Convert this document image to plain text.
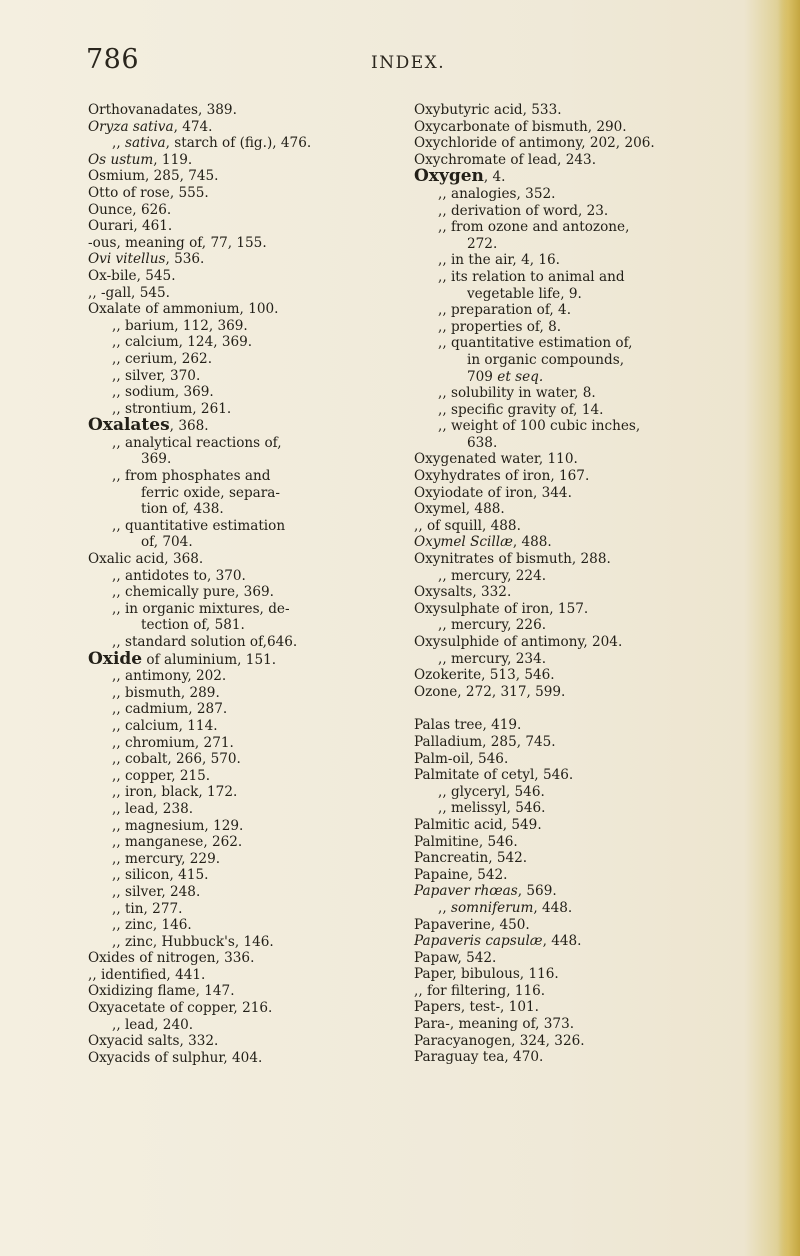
786	INDEX.
Orthovanadates, 389.
Oryza sativa, 474.
,, sativa, starch of (fig.), 476.
Os ustum, 119.
Osmium, 285, 745.
Otto of rose, 555.
Ounce, 626.
Ourari, 461.
-ous, meaning of, 77, 155.
Ovi vitellus, 536.
Ox-bile, 545.
,, -gall, 545.
Oxalate of ammonium, 100.
,, barium, 112, 369.
,, calcium, 124, 369.
,, cerium, 262.
,, silver, 370.
,, sodium, 369.
,, strontium, 261.
Oxalates, 368.
,, analytical reactions of,
369.
,, from phosphates and
ferric oxide, separa-
tion of, 438.
,, quantitative estimation
of, 704.
Oxalic acid, 368.
,, antidotes to, 370.
,, chemically pure, 369.
,, in organic mixtures, de-
tection of, 581.
,, standard solution of,646.
Oxide of aluminium, 151.
,, antimony, 202.
,, bismuth, 289.
,, cadmium, 287.
,, calcium, 114.
,, chromium, 271.
,, cobalt, 266, 570.
,, copper, 215.
,, iron, black, 172.
,, lead, 238.
,, magnesium, 129.
,, manganese, 262.
,, mercury, 229.
,, silicon, 415.
,, silver, 248.
,, tin, 277.
,, zinc, 146.
,, zinc, Hubbuck's, 146.
Oxides of nitrogen, 336.
,, identified, 441.
Oxidizing flame, 147.
Oxyacetate of copper, 216.
,, lead, 240.
Oxyacid salts, 332.
Oxyacids of sulphur, 404.
Oxybutyric acid, 533.
Oxycarbonate of bismuth, 290.
Oxychloride of antimony, 202, 206.
Oxychromate of lead, 243.
Oxygen, 4.
,, analogies, 352.
,, derivation of word, 23.
,, from ozone and antozone,
272.
,, in the air, 4, 16.
,, its relation to animal and
vegetable life, 9.
,, preparation of, 4.
,, properties of, 8.
,, quantitative estimation of,
in organic compounds,
709 et seq.
,, solubility in water, 8.
,, specific gravity of, 14.
,, weight of 100 cubic inches,
638.
Oxygenated water, 110.
Oxyhydrates of iron, 167.
Oxyiodate of iron, 344.
Oxymel, 488.
,, of squill, 488.
Oxymel Scillæ, 488.
Oxynitrates of bismuth, 288.
,, mercury, 224.
Oxysalts, 332.
Oxysulphate of iron, 157.
,, mercury, 226.
Oxysulphide of antimony, 204.
,, mercury, 234.
Ozokerite, 513, 546.
Ozone, 272, 317, 599.
Palas tree, 419.
Palladium, 285, 745.
Palm-oil, 546.
Palmitate of cetyl, 546.
,, glyceryl, 546.
,, melissyl, 546.
Palmitic acid, 549.
Palmitine, 546.
Pancreatin, 542.
Papaine, 542.
Papaver rhœas, 569.
,, somniferum, 448.
Papaverine, 450.
Papaveris capsulæ, 448.
Papaw, 542.
Paper, bibulous, 116.
,, for filtering, 116.
Papers, test-, 101.
Para-, meaning of, 373.
Paracyanogen, 324, 326.
Paraguay tea, 470.
